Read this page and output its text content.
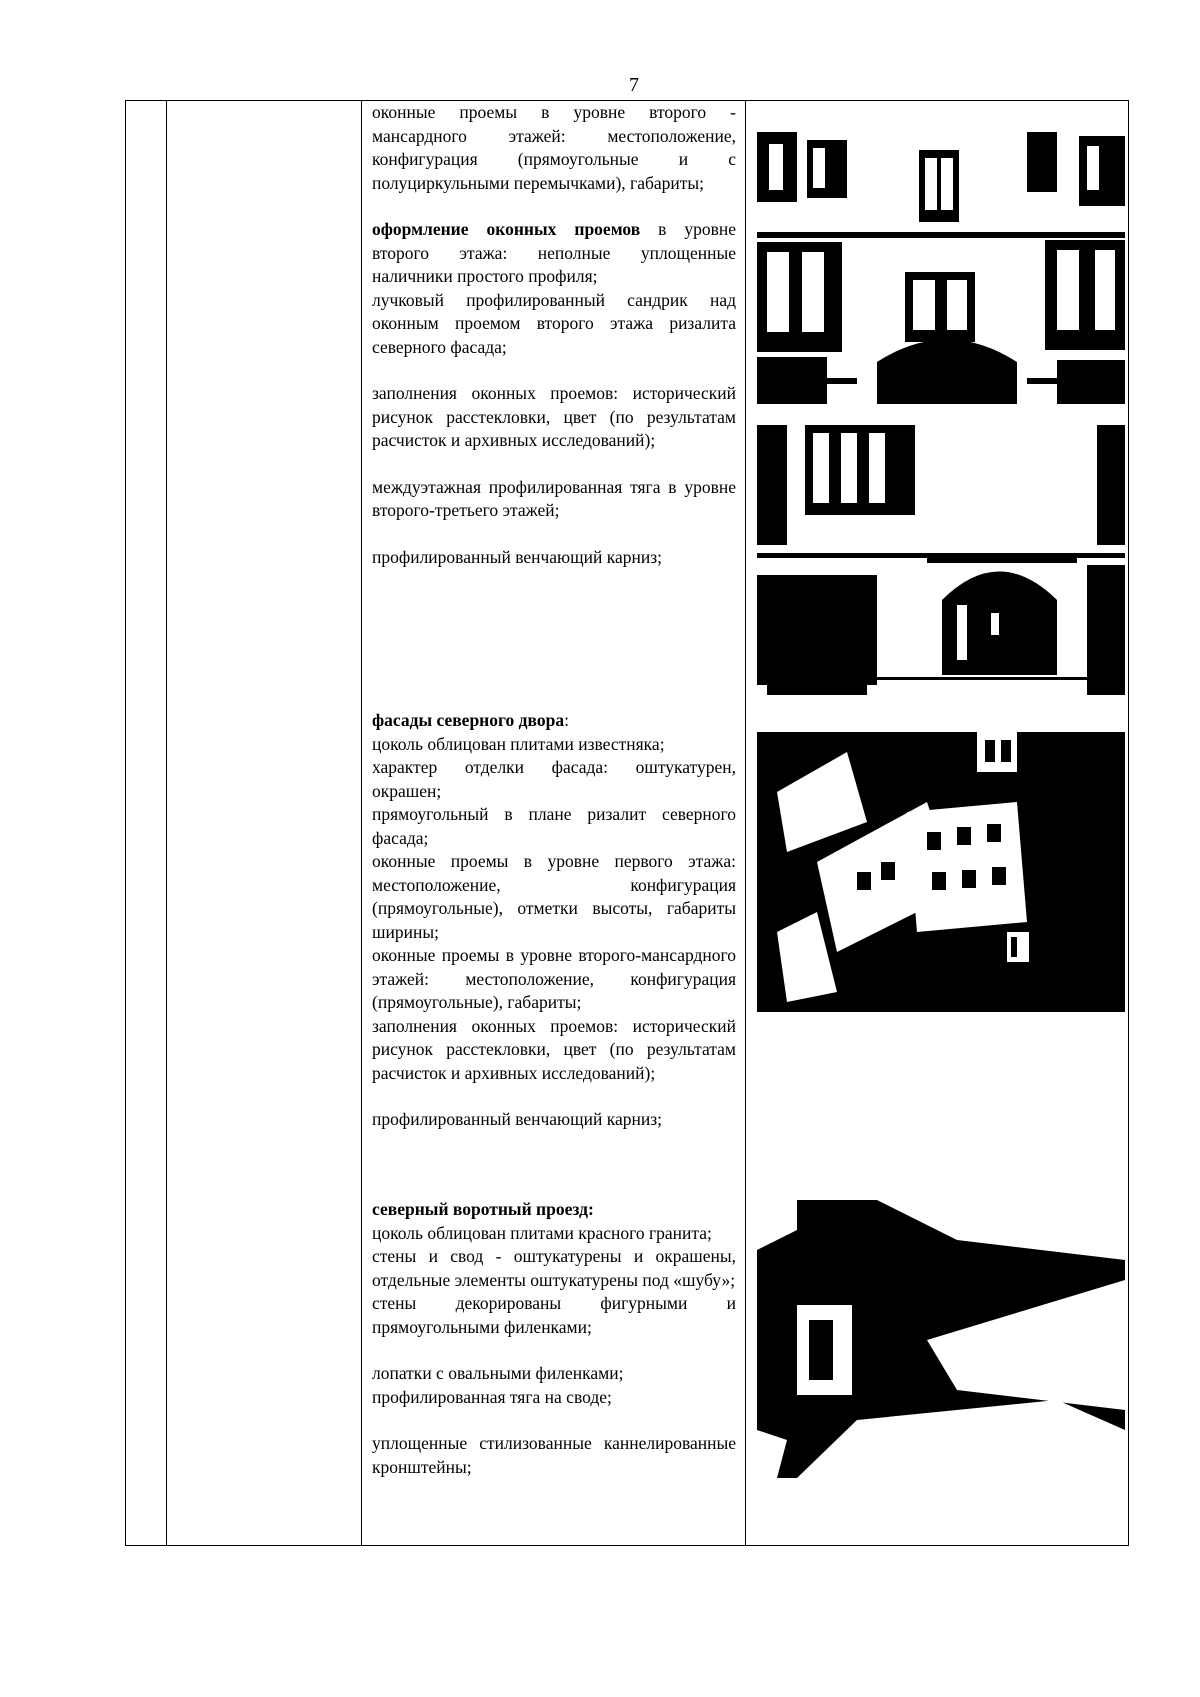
7

оконные проемы в уровне второго - мансардного этажей: местоположение, конфигурация (прямоугольные и с полуциркульными перемычками), габариты;

оформление оконных проемов в уровне второго этажа: неполные уплощенные наличники простого профиля;

лучковый профилированный сандрик над оконным проемом второго этажа ризалита северного фасада;

заполнения оконных проемов: исторический рисунок расстекловки, цвет (по результатам расчисток и архивных исследований);

междуэтажная профилированная тяга в уровне второго-третьего этажей;

профилированный венчающий карниз;

фасады северного двора:

цоколь облицован плитами известняка;

характер отделки фасада: оштукатурен, окрашен;

прямоугольный в плане ризалит северного фасада;

оконные проемы в уровне первого этажа: местоположение, конфигурация (прямоугольные), отметки высоты, габариты ширины;

оконные проемы в уровне второго-мансардного этажей: местоположение, конфигурация (прямоугольные), габариты;

заполнения оконных проемов: исторический рисунок расстекловки, цвет (по результатам расчисток и архивных исследований);

профилированный венчающий карниз;

северный воротный проезд:

цоколь облицован плитами красного гранита;

стены и свод - оштукатурены и окрашены, отдельные элементы оштукатурены под «шубу»;

стены декорированы фигурными и прямоугольными филенками;

лопатки с овальными филенками;

профилированная тяга на своде;

уплощенные стилизованные каннелированные кронштейны;
